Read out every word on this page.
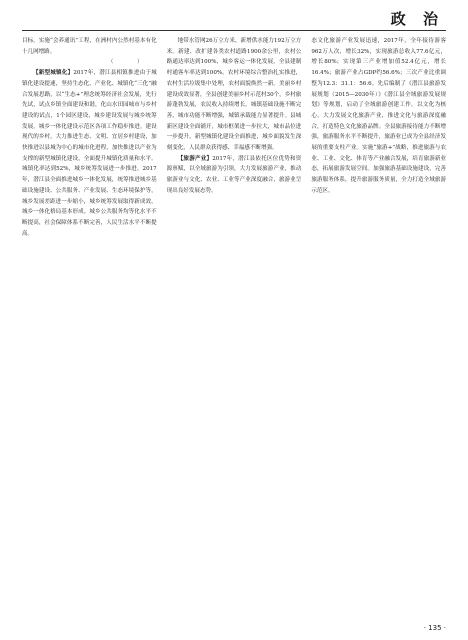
政 治

目标。实施“会养通讯”工程，在洲村内公然村基本有化十几网增路。

（ 　 　 　 ）

【新型城镇化】2017年，潜江县相镇推进由于城镇化建设提速，坚持生态化、产业化、城镇化“三化”融合发展思路，以“生态+”理念统筹经济社会发展，先行先试，试点乡镇全面建设和谐，化山水田园城市与乡村建设的试点，1个园区建设，城乡建设发展与城乡统筹发展。城乡一体化建设示范区各项工作稳步推进。建设现代的乡村，大力推进生态、文明、宜居乡村建设，加快推进以县城为中心的城市化进程，加快推进以产业为支撑的新型城镇化建设，全面提升城镇化质量和水平。城镇化率达到52%，城乡统筹发展进一步推进。2017年，潜江县全面推进城乡一体化发展，统筹推进城乡基础设施建设、公共服务、产业发展、生态环境保护等，城乡发展差距进一步缩小，城乡统筹发展取得新成效，城乡一体化格局基本形成。城乡公共服务均等化水平不断提高，社会保障体系不断完善，人民生活水平不断提高。

地带水管网26万立方米，新增供水能力192万立方米。新建、改扩建各类农村道路1900余公里，农村公路通达率达到100%，城乡客运一体化发展，全县建制村通客车率达到100%。农村环境综合整治扎实推进，农村生活垃圾集中处理，农村面貌焕然一新。美丽乡村建设成效显著，全县创建美丽乡村示范村30个，乡村旅游蓬勃发展，农民收入持续增长。城镇基础设施不断完善，城市功能不断增强，城镇承载能力显著提升。县城新区建设全面铺开，城市框架进一步拉大，城市品位进一步提升。新型城镇化建设全面推进，城乡面貌发生深刻变化，人民群众获得感、幸福感不断增强。

【旅游产业】2017年，潜江县依托区位优势和资源禀赋，以全域旅游为引领，大力发展旅游产业，推动旅游业与文化、农业、工业等产业深度融合，旅游业呈现出良好发展态势。

态文化旅游产业发展迅速，2017年，全年接待游客962万人次，增长32%，实现旅游总收入77.6亿元，增长80%；实现第三产业增加值52.4亿元，增长16.4%；旅游产业占GDP约56.6%；三次产业比重调整为12.3：31.1：56.6。先后编制了《潜江县旅游发展规划（2015—2030年）》《潜江县全域旅游发展规划》等规划，启动了全域旅游创建工作。以文化为核心，大力发展文化旅游产业，推进文化与旅游深度融合，打造特色文化旅游品牌。全县旅游接待能力不断增强，旅游服务水平不断提升，旅游业已成为全县经济发展的重要支柱产业。实施“旅游+”战略，推进旅游与农业、工业、文化、体育等产业融合发展，培育旅游新业态，拓展旅游发展空间。加强旅游基础设施建设，完善旅游服务体系，提升旅游服务质量，全力打造全域旅游示范区。

· 135 ·
